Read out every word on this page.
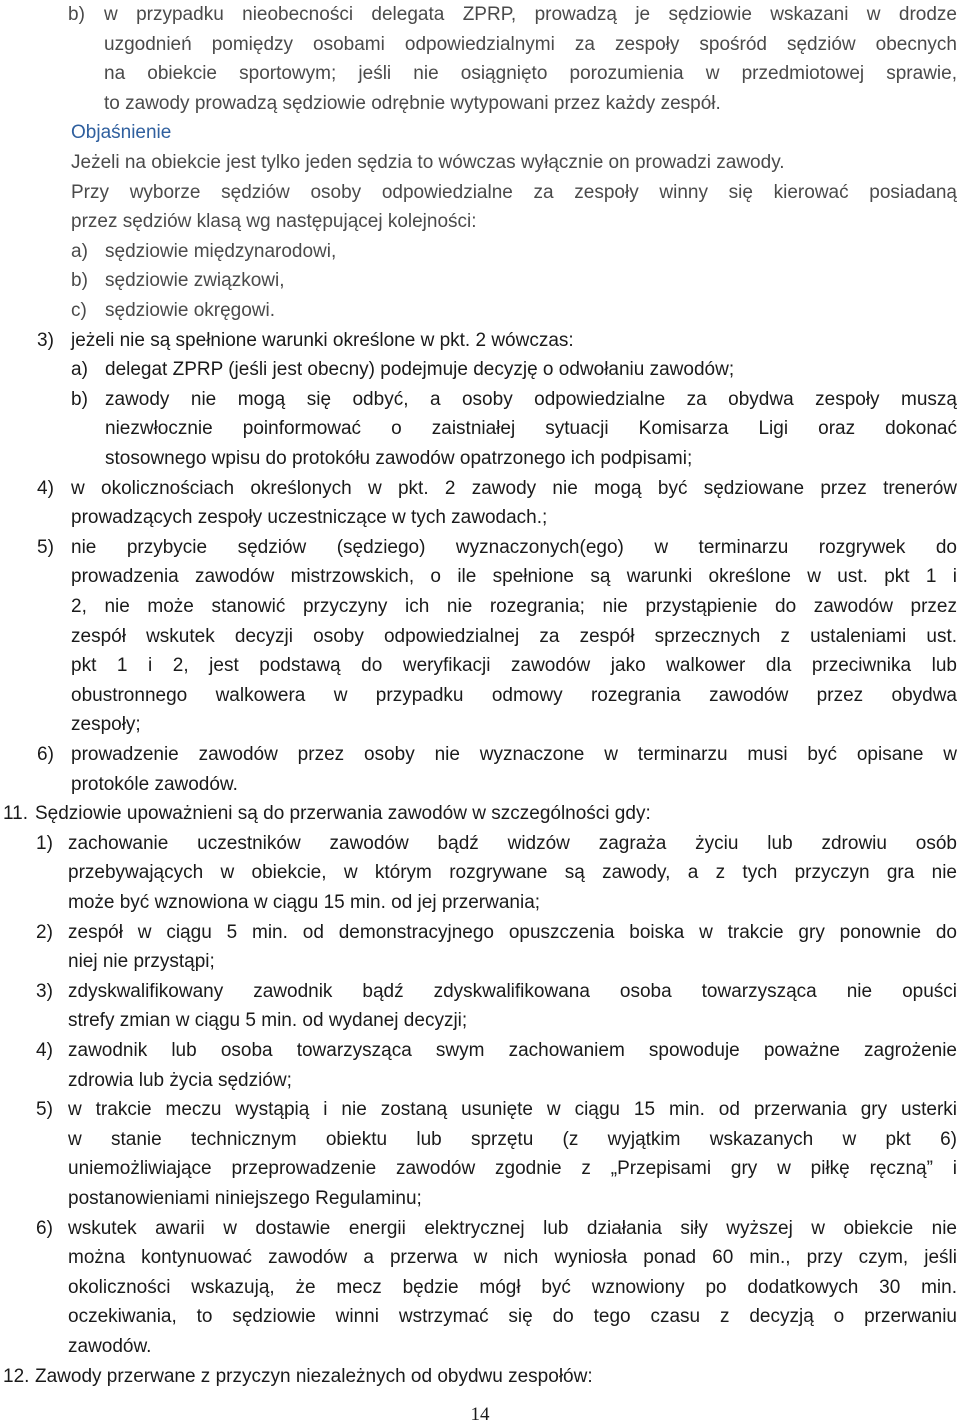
b) w przypadku nieobecności delegata ZPRP, prowadzą je sędziowie wskazani w drodze
uzgodnień pomiędzy osobami odpowiedzialnymi za zespoły spośród sędziów obecnych
na obiekcie sportowym; jeśli nie osiągnięto porozumienia w przedmiotowej sprawie,
to zawody prowadzą sędziowie odrębnie wytypowani przez każdy zespół.
Objaśnienie
Jeżeli na obiekcie jest tylko jeden sędzia to wówczas wyłącznie on prowadzi zawody.
Przy wyborze sędziów osoby odpowiedzialne za zespoły winny się kierować posiadaną
przez sędziów klasą wg następującej kolejności:
a) sędziowie międzynarodowi,
b) sędziowie związkowi,
c) sędziowie okręgowi.
3) jeżeli nie są spełnione warunki określone w pkt. 2 wówczas:
a) delegat ZPRP (jeśli jest obecny) podejmuje decyzję o odwołaniu zawodów;
b) zawody nie mogą się odbyć, a osoby odpowiedzialne za obydwa zespoły muszą
niezwłocznie poinformować o zaistniałej sytuacji Komisarza Ligi oraz dokonać
stosownego wpisu do protokółu zawodów opatrzonego ich podpisami;
4) w okolicznościach określonych w pkt. 2 zawody nie mogą być sędziowane przez trenerów
prowadzących zespoły uczestniczące w tych zawodach.;
5) nie przybycie sędziów (sędziego) wyznaczonych(ego) w terminarzu rozgrywek do
prowadzenia zawodów mistrzowskich, o ile spełnione są warunki określone w ust. pkt 1 i
2, nie może stanowić przyczyny ich nie rozegrania; nie przystąpienie do zawodów przez
zespół wskutek decyzji osoby odpowiedzialnej za zespół sprzecznych z ustaleniami ust.
pkt 1 i 2, jest podstawą do weryfikacji zawodów jako walkower dla przeciwnika lub
obustronnego walkowera w przypadku odmowy rozegrania zawodów przez obydwa
zespoły;
6) prowadzenie zawodów przez osoby nie wyznaczone w terminarzu musi być opisane w
protokóle zawodów.
11. Sędziowie upoważnieni są do przerwania zawodów w szczególności gdy:
1) zachowanie uczestników zawodów bądź widzów zagraża życiu lub zdrowiu osób
przebywających w obiekcie, w którym rozgrywane są zawody, a z tych przyczyn gra nie
może być wznowiona w ciągu 15 min. od jej przerwania;
2) zespół w ciągu 5 min. od demonstracyjnego opuszczenia boiska w trakcie gry ponownie do
niej nie przystąpi;
3) zdyskwalifikowany zawodnik bądź zdyskwalifikowana osoba towarzysząca nie opuści
strefy zmian w ciągu 5 min. od wydanej decyzji;
4) zawodnik lub osoba towarzysząca swym zachowaniem spowoduje poważne zagrożenie
zdrowia lub życia sędziów;
5) w trakcie meczu wystąpią i nie zostaną usunięte w ciągu 15 min. od przerwania gry usterki
w stanie technicznym obiektu lub sprzętu (z wyjątkim wskazanych w pkt 6)
uniemożliwiające przeprowadzenie zawodów zgodnie z „Przepisami gry w piłkę ręczną” i
postanowieniami niniejszego Regulaminu;
6) wskutek awarii w dostawie energii elektrycznej lub działania siły wyższej w obiekcie nie
można kontynuować zawodów a przerwa w nich wyniosła ponad 60 min., przy czym, jeśli
okoliczności wskazują, że mecz będzie mógł być wznowiony po dodatkowych 30 min.
oczekiwania, to sędziowie winni wstrzymać się do tego czasu z decyzją o przerwaniu
zawodów.
12. Zawody przerwane z przyczyn niezależnych od obydwu zespołów:
14
